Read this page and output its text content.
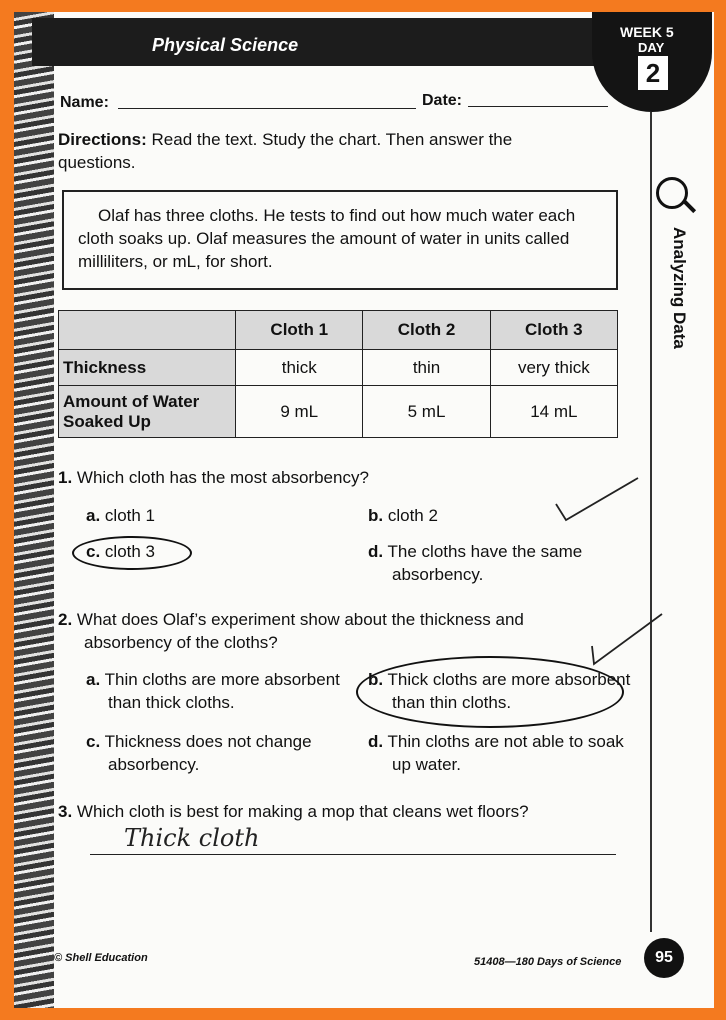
Physical Science
WEEK 5
DAY
2
Analyzing Data
Name:	Date:
Directions: Read the text. Study the chart. Then answer the questions.
Olaf has three cloths. He tests to find out how much water each cloth soaks up. Olaf measures the amount of water in units called milliliters, or mL, for short.
	Cloth 1	Cloth 2	Cloth 3
Thickness	thick	thin	very thick
Amount of Water Soaked Up	9 mL	5 mL	14 mL
1. Which cloth has the most absorbency?
a. cloth 1	b. cloth 2
c. cloth 3	d. The cloths have the same absorbency.
2. What does Olaf’s experiment show about the thickness and absorbency of the cloths?
a. Thin cloths are more absorbent than thick cloths.
b. Thick cloths are more absorbent than thin cloths.
c. Thickness does not change absorbency.
d. Thin cloths are not able to soak up water.
3. Which cloth is best for making a mop that cleans wet floors?
Thick cloth
© Shell Education	51408—180 Days of Science	95
